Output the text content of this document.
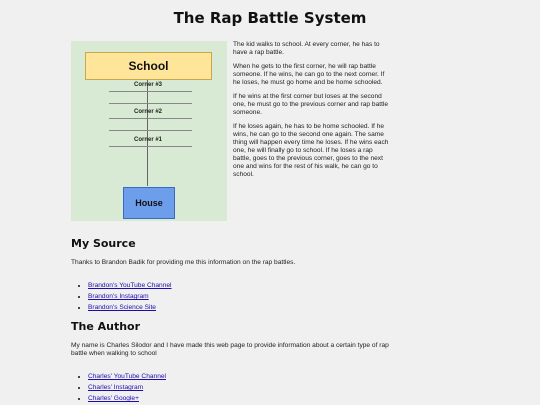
The Rap Battle System
School
Corner #3
Corner #2
Corner #1
House

The kid walks to school. At every corner, he has to have a rap battle.

When he gets to the first corner, he will rap battle someone. If he wins, he can go to the next corner. If he loses, he must go home and be home schooled.

If he wins at the first corner but loses at the second one, he must go to the previous corner and rap battle someone.

If he loses again, he has to be home schooled. If he wins, he can go to the second one again. The same thing will happen every time he loses. If he wins each one, he will finally go to school. If he loses a rap battle, goes to the previous corner, goes to the next one and wins for the rest of his walk, he can go to school.

My Source

Thanks to Brandon Badik for providing me this information on the rap battles.

• Brandon's YouTube Channel
• Brandon's Instagram
• Brandon's Science Site
The Author

My name is Charles Silodor and I have made this web page to provide information about a certain type of rap battle when walking to school

• Charles' YouTube Channel
• Charles' Instagram
• Charles' Google+
